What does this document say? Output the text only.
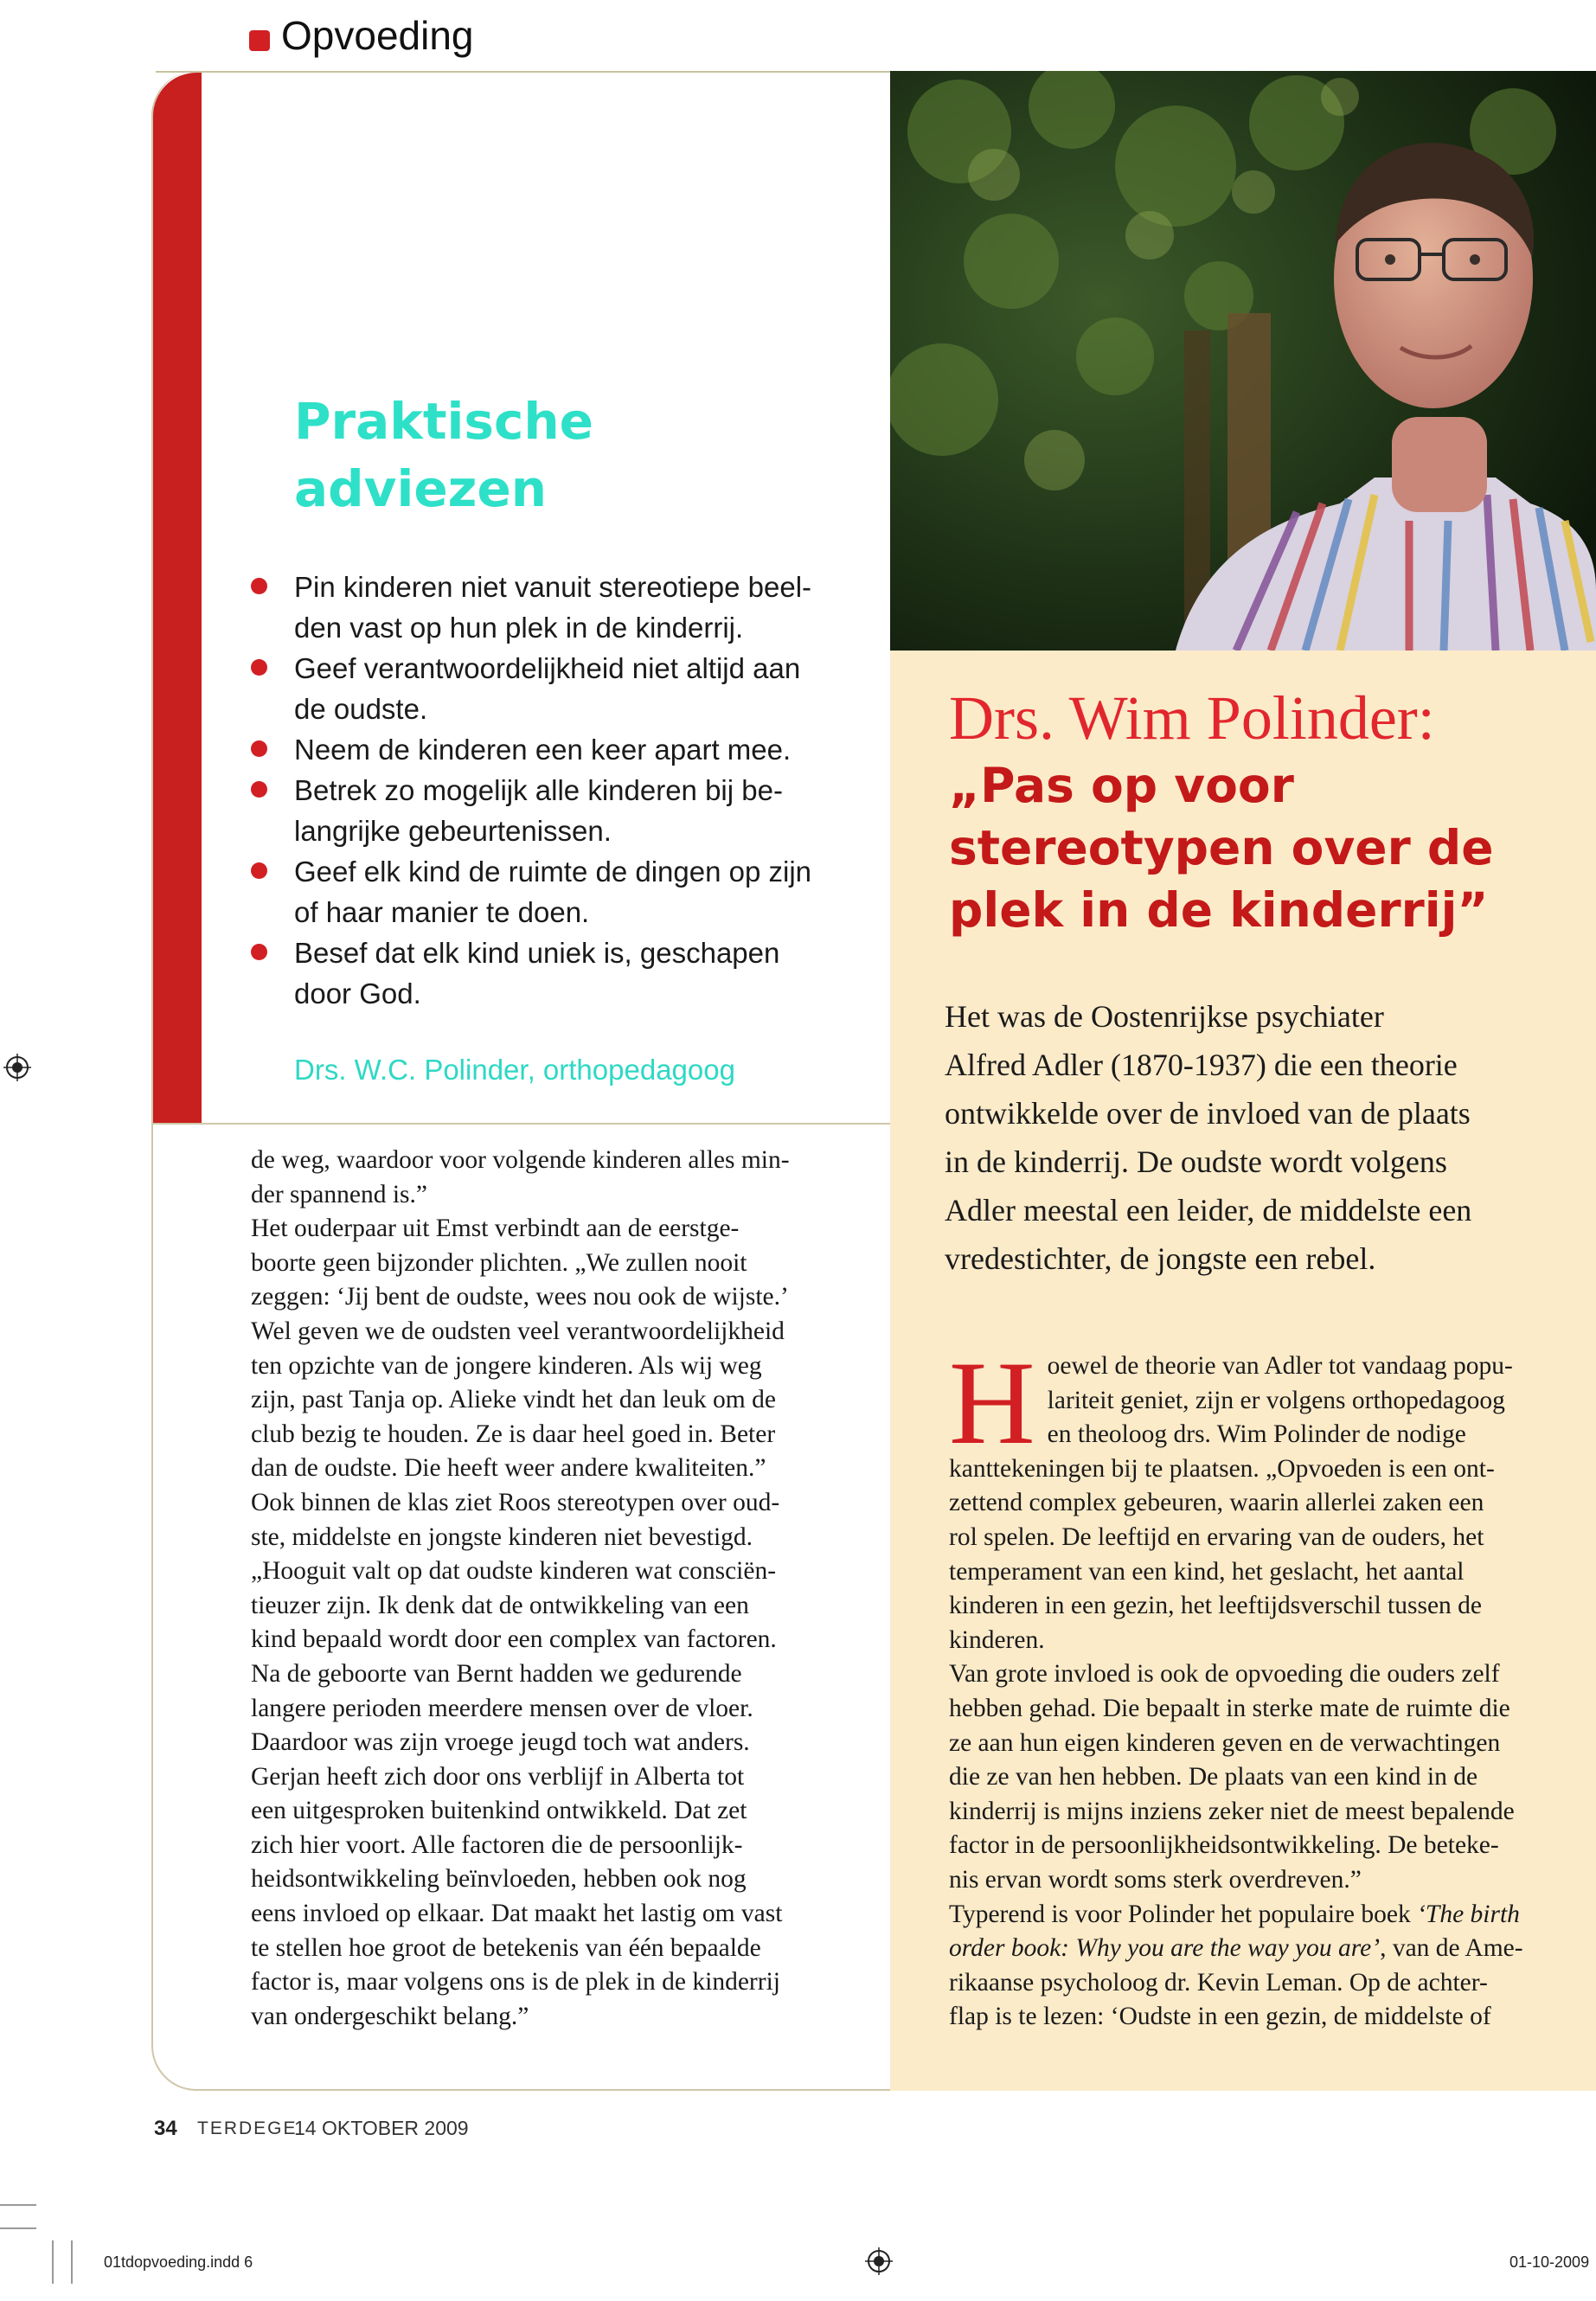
Opvoeding
Praktische
adviezen
Pin kinderen niet vanuit stereotiepe beel-
den vast op hun plek in de kinderrij.
Geef verantwoordelijkheid niet altijd aan
de oudste.
Neem de kinderen een keer apart mee.
Betrek zo mogelijk alle kinderen bij be-
langrijke gebeurtenissen.
Geef elk kind de ruimte de dingen op zijn
of haar manier te doen.
Besef dat elk kind uniek is, geschapen
door God.
Drs. W.C. Polinder, orthopedagoog

de weg, waardoor voor volgende kinderen alles min-

der spannend is.”

Het ouderpaar uit Emst verbindt aan de eerstge-

boorte geen bijzonder plichten. „We zullen nooit

zeggen: ‘Jij bent de oudste, wees nou ook de wijste.’

Wel geven we de oudsten veel verantwoordelijkheid

ten opzichte van de jongere kinderen. Als wij weg

zijn, past Tanja op. Alieke vindt het dan leuk om de

club bezig te houden. Ze is daar heel goed in. Beter

dan de oudste. Die heeft weer andere kwaliteiten.”

Ook binnen de klas ziet Roos stereotypen over oud-

ste, middelste en jongste kinderen niet bevestigd.

„Hooguit valt op dat oudste kinderen wat consciën-

tieuzer zijn. Ik denk dat de ontwikkeling van een

kind bepaald wordt door een complex van factoren.

Na de geboorte van Bernt hadden we gedurende

langere perioden meerdere mensen over de vloer.

Daardoor was zijn vroege jeugd toch wat anders.

Gerjan heeft zich door ons verblijf in Alberta tot

een uitgesproken buitenkind ontwikkeld. Dat zet

zich hier voort. Alle factoren die de persoonlijk-

heidsontwikkeling beïnvloeden, hebben ook nog

eens invloed op elkaar. Dat maakt het lastig om vast

te stellen hoe groot de betekenis van één bepaalde

factor is, maar volgens ons is de plek in de kinderrij

van ondergeschikt belang.”

Drs. Wim Polinder:
„Pas op voor
stereotypen over de
plek in de kinderrij”
Het was de Oostenrijkse psychiater
Alfred Adler (1870-1937) die een theorie
ontwikkelde over de invloed van de plaats
in de kinderrij. De oudste wordt volgens
Adler meestal een leider, de middelste een
vredestichter, de jongste een rebel.
H oewel de theorie van Adler tot vandaag popu-

lariteit geniet, zijn er volgens orthopedagoog

en theoloog drs. Wim Polinder de nodige

kanttekeningen bij te plaatsen. „Opvoeden is een ont-

zettend complex gebeuren, waarin allerlei zaken een

rol spelen. De leeftijd en ervaring van de ouders, het

temperament van een kind, het geslacht, het aantal

kinderen in een gezin, het leeftijdsverschil tussen de

kinderen.

Van grote invloed is ook de opvoeding die ouders zelf

hebben gehad. Die bepaalt in sterke mate de ruimte die

ze aan hun eigen kinderen geven en de verwachtingen

die ze van hen hebben. De plaats van een kind in de

kinderrij is mijns inziens zeker niet de meest bepalende

factor in de persoonlijkheidsontwikkeling. De beteke-

nis ervan wordt soms sterk overdreven.”

Typerend is voor Polinder het populaire boek ‘The birth

order book: Why you are the way you are’, van de Ame-

rikaanse psycholoog dr. Kevin Leman. Op de achter-

flap is te lezen: ‘Oudste in een gezin, de middelste of

34 TERDEGE
14 OKTOBER 2009
01tdopvoeding.indd 6	01-10-2009
